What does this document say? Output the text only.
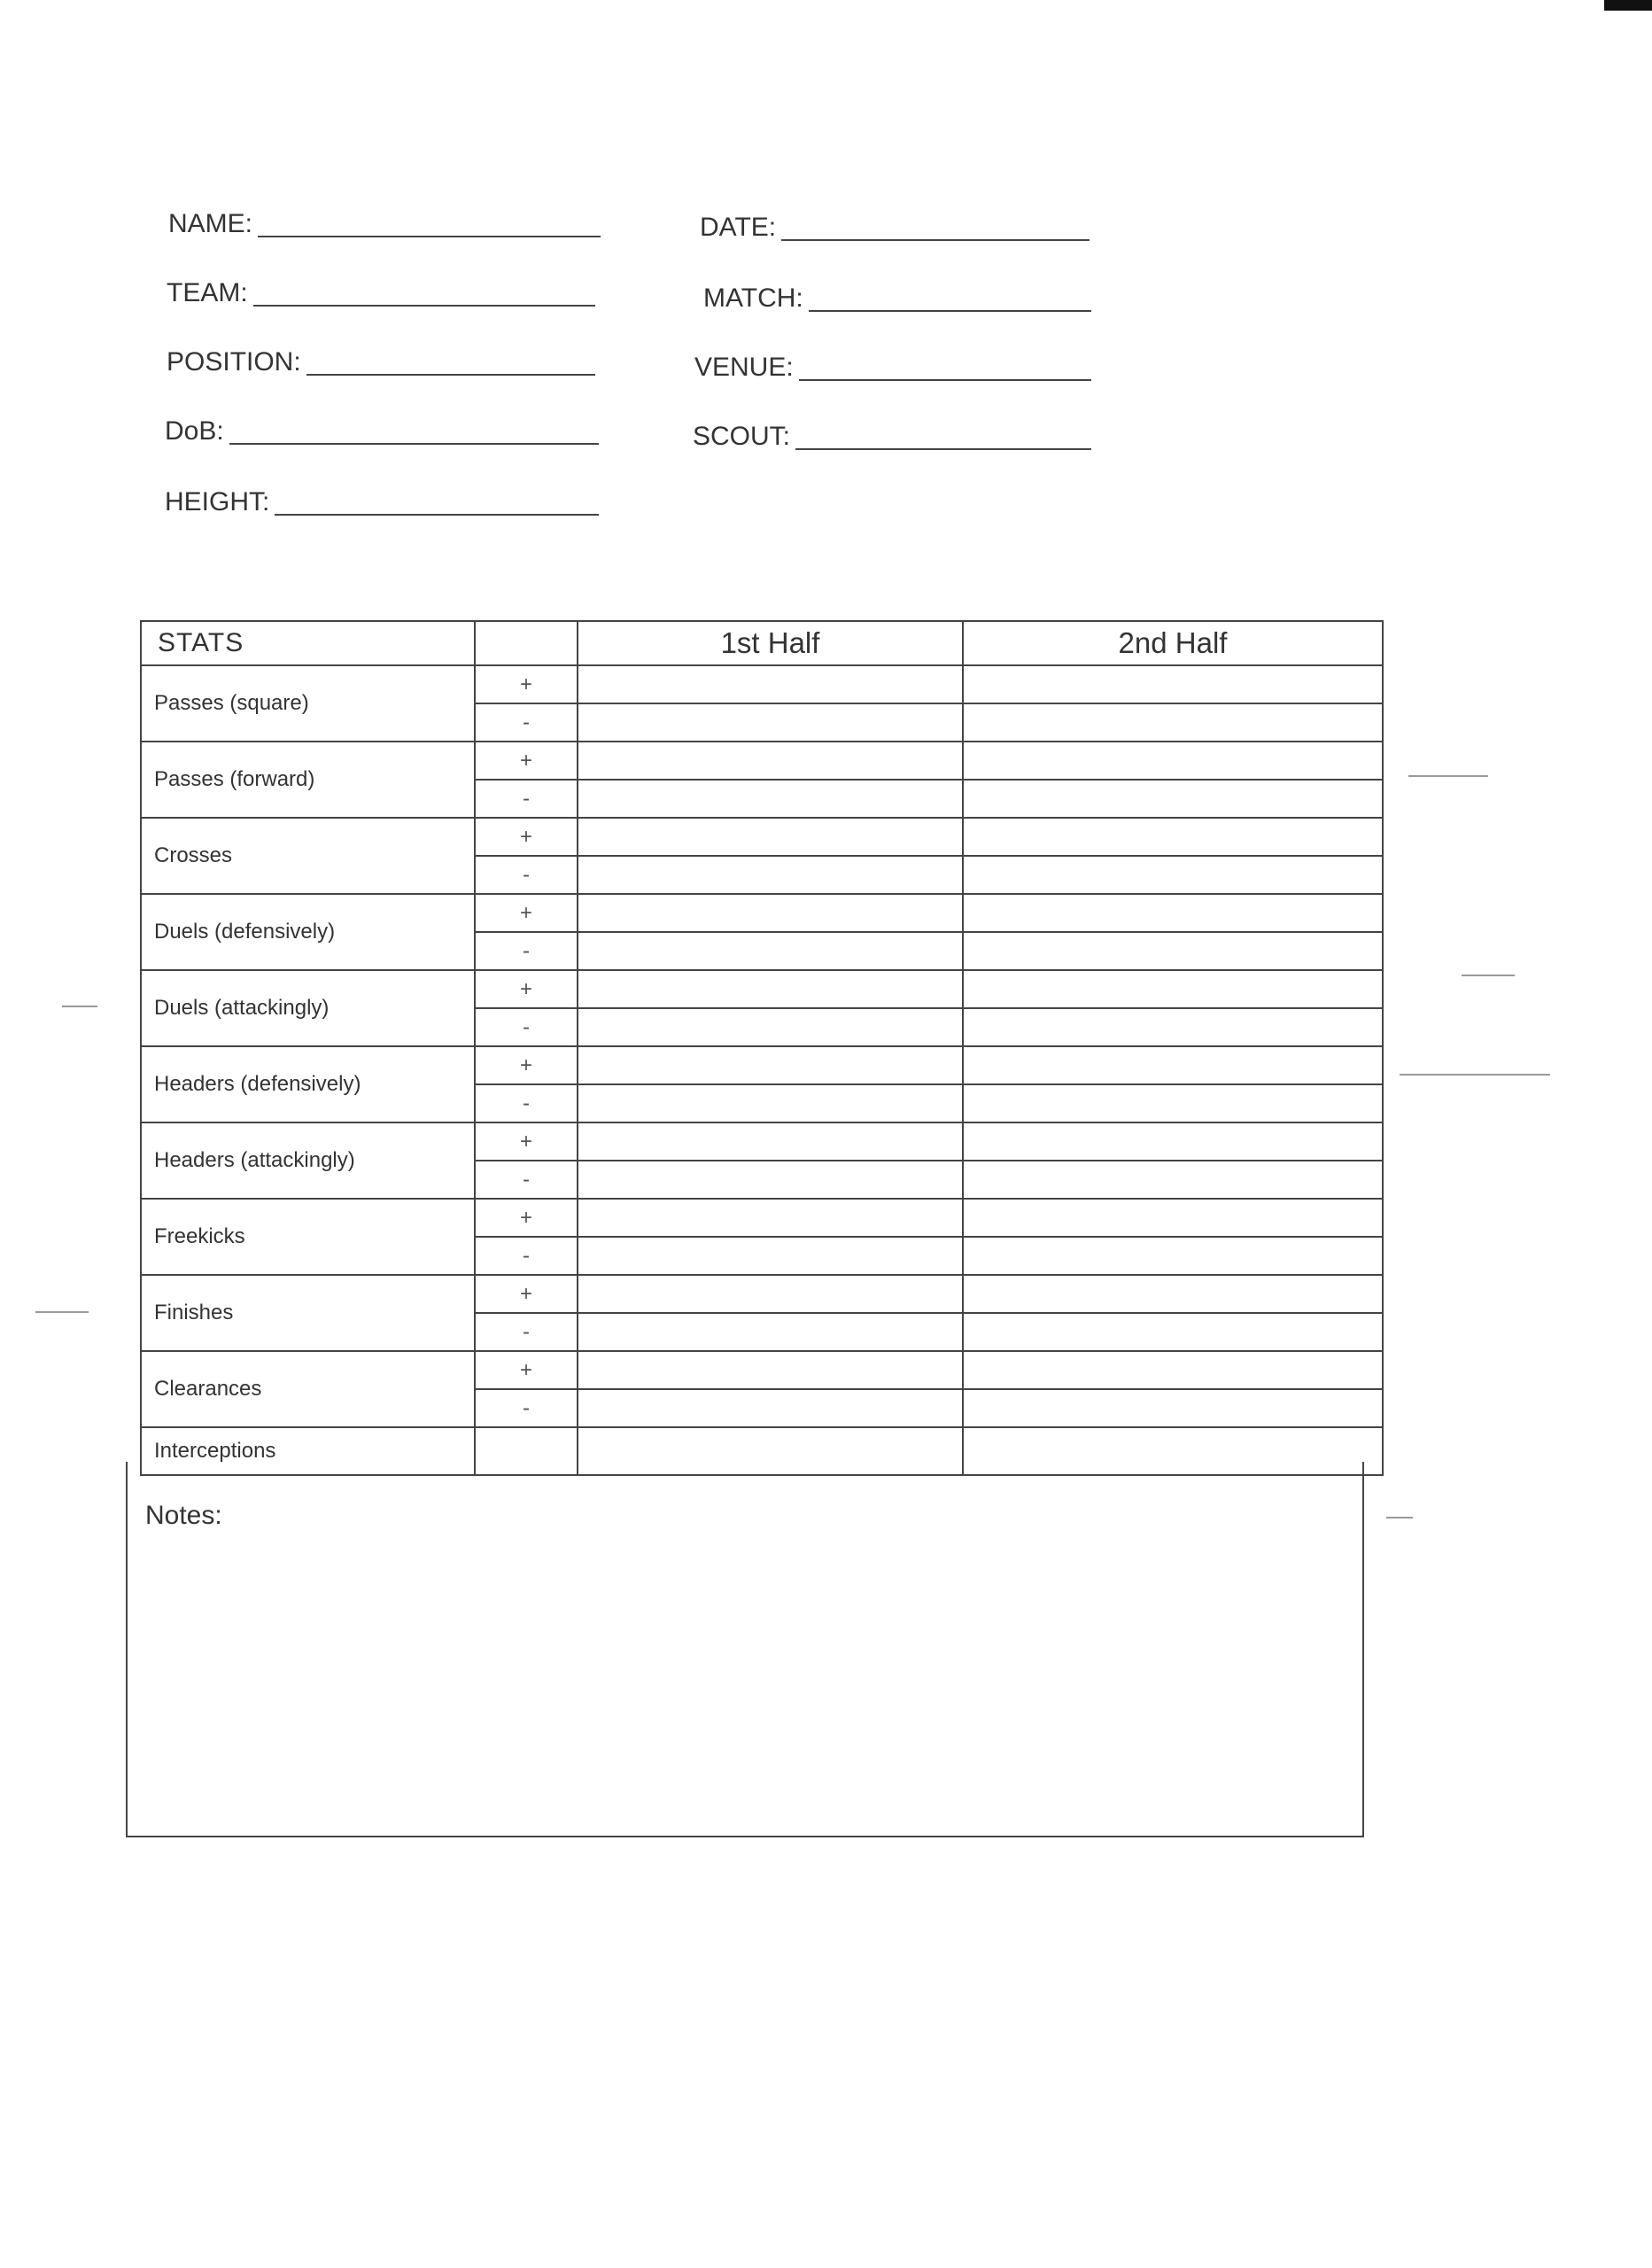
NAME:
TEAM:
POSITION:
DoB:
HEIGHT:
DATE:
MATCH:
VENUE:
SCOUT:
STATS		1st Half	2nd Half
Passes (square)	+		
	-		
Passes (forward)	+		
	-		
Crosses	+		
	-		
Duels (defensively)	+		
	-		
Duels (attackingly)	+		
	-		
Headers (defensively)	+		
	-		
Headers (attackingly)	+		
	-		
Freekicks	+		
	-		
Finishes	+		
	-		
Clearances	+		
	-		
Interceptions			
Notes:
